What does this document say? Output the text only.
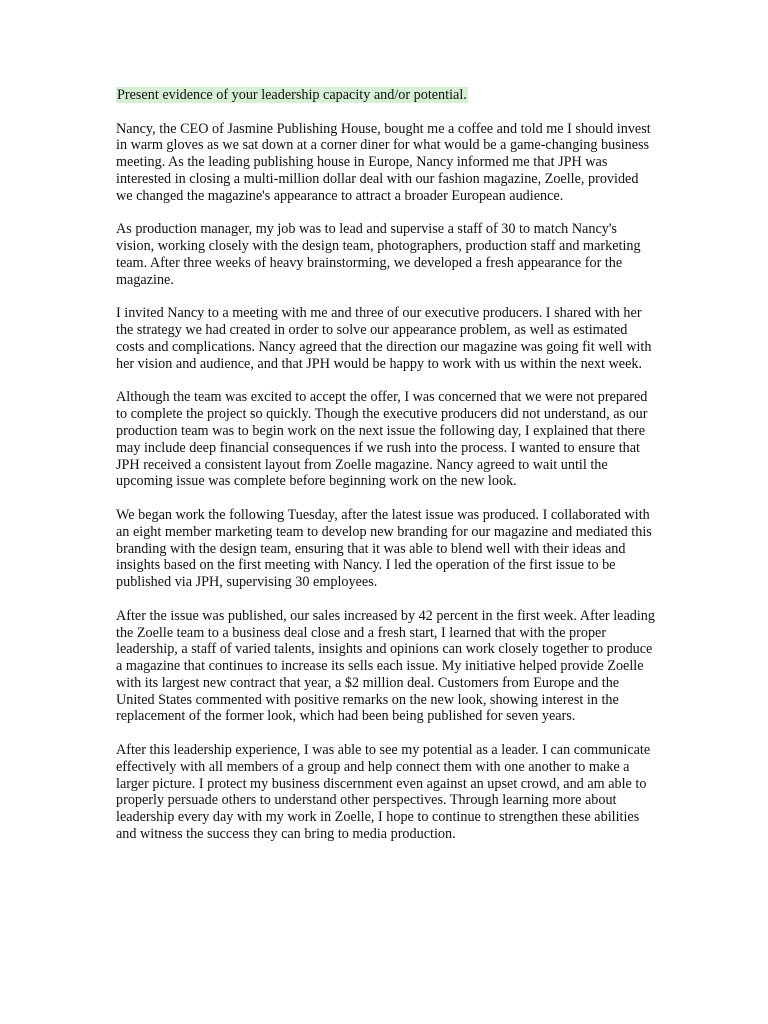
Present evidence of your leadership capacity and/or potential.

Nancy, the CEO of Jasmine Publishing House, bought me a coffee and told me I should invest in warm gloves as we sat down at a corner diner for what would be a game-changing business meeting. As the leading publishing house in Europe, Nancy informed me that JPH was interested in closing a multi-million dollar deal with our fashion magazine, Zoelle, provided we changed the magazine's appearance to attract a broader European audience.

As production manager, my job was to lead and supervise a staff of 30 to match Nancy's vision, working closely with the design team, photographers, production staff and marketing team. After three weeks of heavy brainstorming, we developed a fresh appearance for the magazine.

I invited Nancy to a meeting with me and three of our executive producers. I shared with her the strategy we had created in order to solve our appearance problem, as well as estimated costs and complications. Nancy agreed that the direction our magazine was going fit well with her vision and audience, and that JPH would be happy to work with us within the next week.

Although the team was excited to accept the offer, I was concerned that we were not prepared to complete the project so quickly. Though the executive producers did not understand, as our production team was to begin work on the next issue the following day, I explained that there may include deep financial consequences if we rush into the process. I wanted to ensure that JPH received a consistent layout from Zoelle magazine. Nancy agreed to wait until the upcoming issue was complete before beginning work on the new look.

We began work the following Tuesday, after the latest issue was produced. I collaborated with an eight member marketing team to develop new branding for our magazine and mediated this branding with the design team, ensuring that it was able to blend well with their ideas and insights based on the first meeting with Nancy. I led the operation of the first issue to be published via JPH, supervising 30 employees.

After the issue was published, our sales increased by 42 percent in the first week. After leading the Zoelle team to a business deal close and a fresh start, I learned that with the proper leadership, a staff of varied talents, insights and opinions can work closely together to produce a magazine that continues to increase its sells each issue. My initiative helped provide Zoelle with its largest new contract that year, a $2 million deal. Customers from Europe and the United States commented with positive remarks on the new look, showing interest in the replacement of the former look, which had been being published for seven years.

After this leadership experience, I was able to see my potential as a leader. I can communicate effectively with all members of a group and help connect them with one another to make a larger picture. I protect my business discernment even against an upset crowd, and am able to properly persuade others to understand other perspectives. Through learning more about leadership every day with my work in Zoelle, I hope to continue to strengthen these abilities and witness the success they can bring to media production.
